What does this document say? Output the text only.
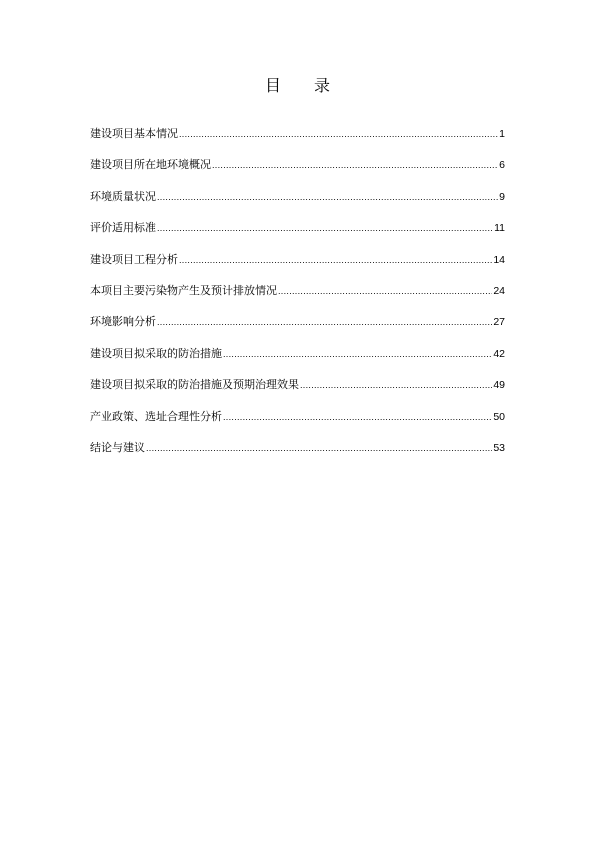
目 录
建设项目基本情况 .....	1
建设项目所在地环境概况 .....	6
环境质量状况 .....	9
评价适用标准 .....	11
建设项目工程分析 .....	14
本项目主要污染物产生及预计排放情况 .....	24
环境影响分析 .....	27
建设项目拟采取的防治措施 .....	42
建设项目拟采取的防治措施及预期治理效果 .....	49
产业政策、选址合理性分析 .....	50
结论与建议 .....	53
